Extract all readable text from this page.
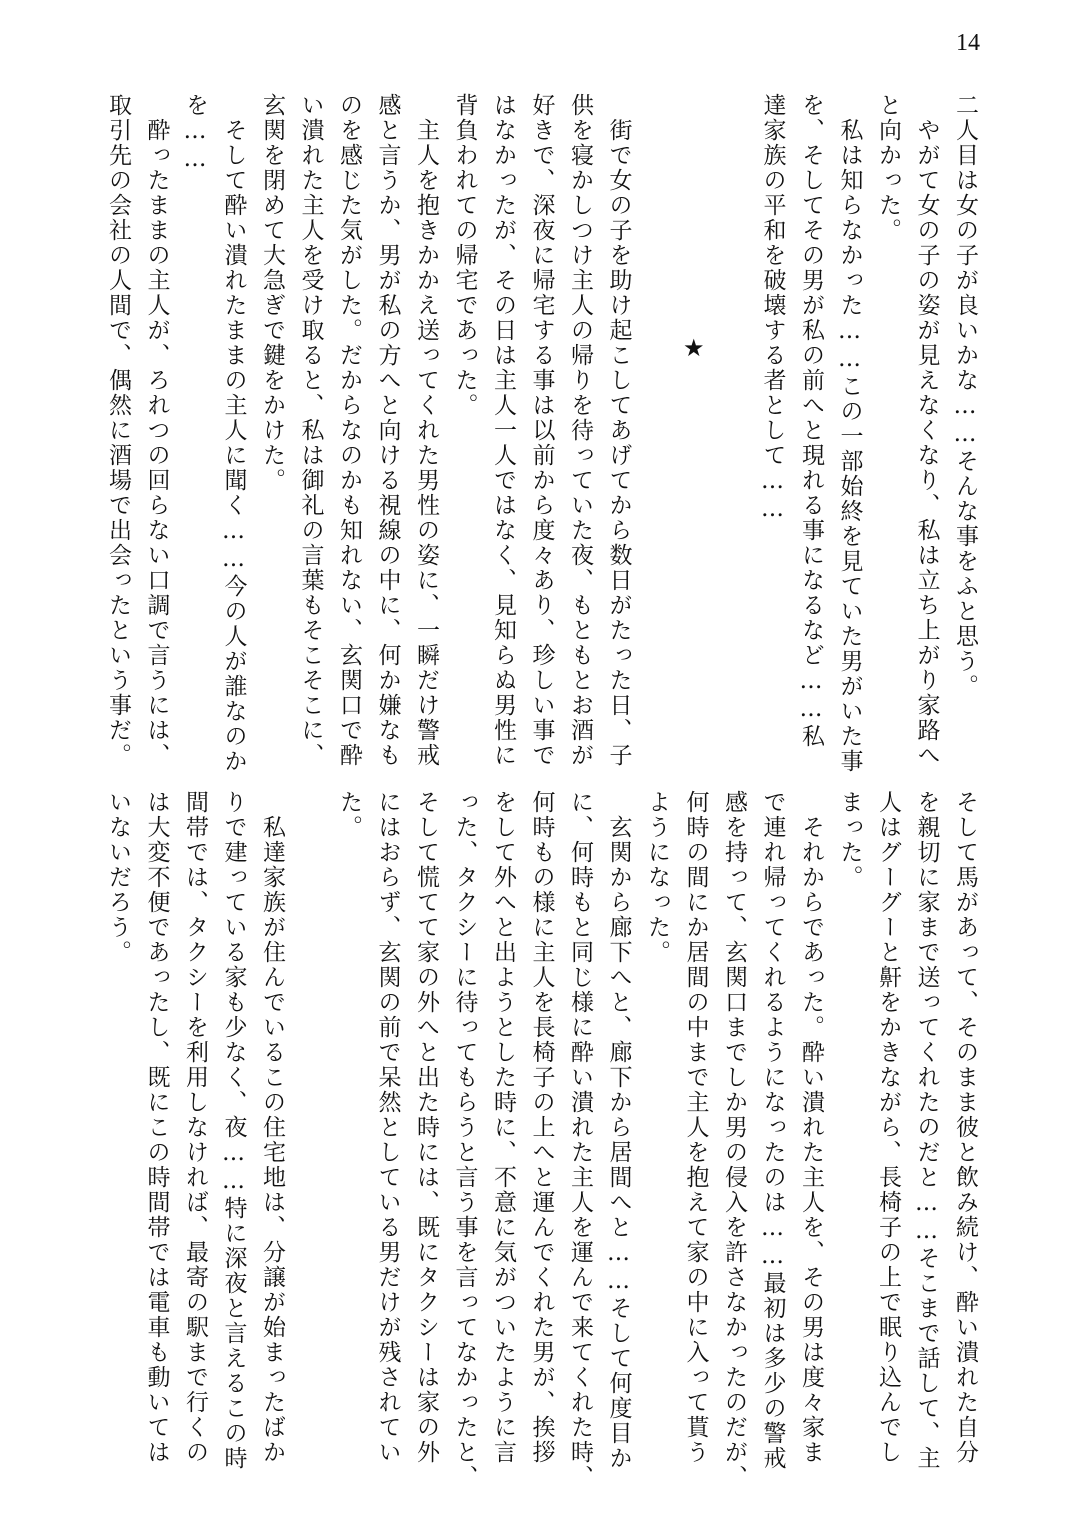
14
★	二人目は女の子が良いかな……そんな事をふと思う。
　やがて女の子の姿が見えなくなり、私は立ち上がり家路へ
と向かった。
　私は知らなかった……この一部始終を見ていた男がいた事
を、そしてその男が私の前へと現れる事になるなど……私
達家族の平和を破壊する者として……
　街で女の子を助け起こしてあげてから数日がたった日、子
供を寝かしつけ主人の帰りを待っていた夜、もともとお酒が
好きで、深夜に帰宅する事は以前から度々あり、珍しい事で
はなかったが、その日は主人一人ではなく、見知らぬ男性に
背負われての帰宅であった。
　主人を抱きかかえ送ってくれた男性の姿に、一瞬だけ警戒
感と言うか、男が私の方へと向ける視線の中に、何か嫌なも
のを感じた気がした。だからなのかも知れない、玄関口で酔
い潰れた主人を受け取ると、私は御礼の言葉もそこそこに、
玄関を閉めて大急ぎで鍵をかけた。
　そして酔い潰れたままの主人に聞く……今の人が誰なのか
を……
　酔ったままの主人が、ろれつの回らない口調で言うには、
取引先の会社の人間で、偶然に酒場で出会ったという事だ。
そして馬があって、そのまま彼と飲み続け、酔い潰れた自分
を親切に家まで送ってくれたのだと……そこまで話して、主
人はグーグーと鼾をかきながら、長椅子の上で眠り込んでし
まった。
　それからであった。酔い潰れた主人を、その男は度々家ま
で連れ帰ってくれるようになったのは……最初は多少の警戒
感を持って、玄関口までしか男の侵入を許さなかったのだが、
何時の間にか居間の中まで主人を抱えて家の中に入って貰う
ようになった。
　玄関から廊下へと、廊下から居間へと……そして何度目か
に、何時もと同じ様に酔い潰れた主人を運んで来てくれた時、
何時もの様に主人を長椅子の上へと運んでくれた男が、挨拶
をして外へと出ようとした時に、不意に気がついたように言
った、タクシーに待ってもらうと言う事を言ってなかったと、
そして慌てて家の外へと出た時には、既にタクシーは家の外
にはおらず、玄関の前で呆然としている男だけが残されてい
た。
　私達家族が住んでいるこの住宅地は、分譲が始まったばか
りで建っている家も少なく、夜……特に深夜と言えるこの時
間帯では、タクシーを利用しなければ、最寄の駅まで行くの
は大変不便であったし、既にこの時間帯では電車も動いては
いないだろう。
